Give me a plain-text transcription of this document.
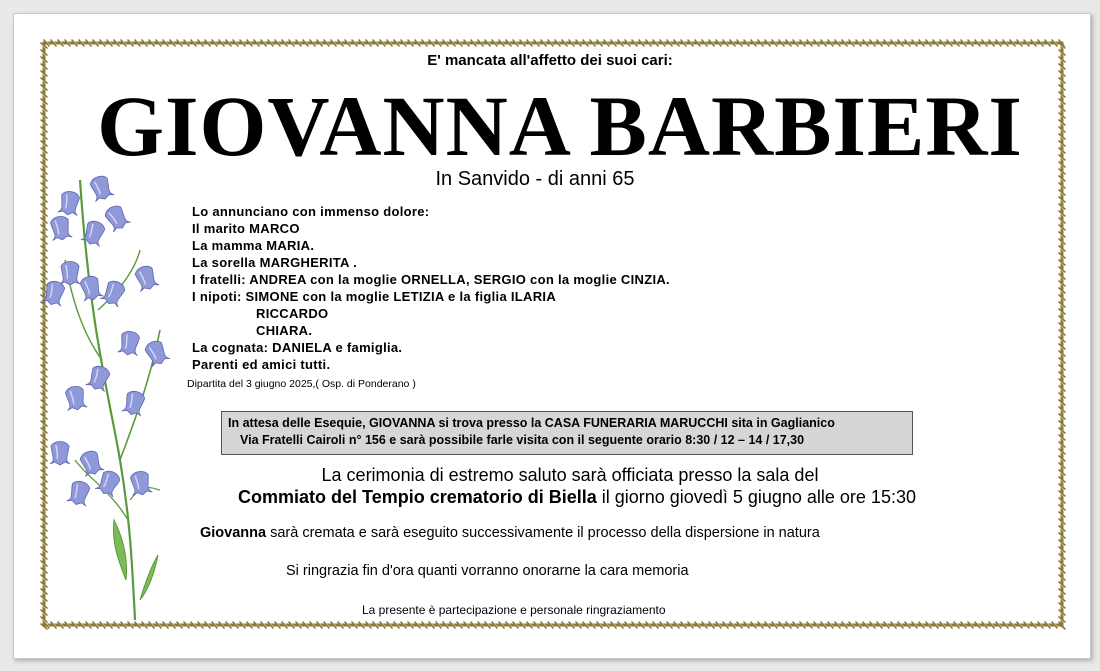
E' mancata all'affetto dei suoi cari:
GIOVANNA BARBIERI
In Sanvido - di anni 65
Lo annunciano con immenso dolore:
Il marito MARCO
La mamma MARIA.
La sorella MARGHERITA .
I fratelli: ANDREA con la moglie ORNELLA, SERGIO con la moglie CINZIA.
I nipoti: SIMONE con la moglie LETIZIA e la figlia ILARIA
RICCARDO
CHIARA.
La cognata: DANIELA e famiglia.
Parenti ed amici tutti.
Dipartita del 3 giugno 2025,( Osp. di Ponderano )
In attesa delle Esequie, GIOVANNA si trova presso la CASA FUNERARIA MARUCCHI sita in Gaglianico
Via Fratelli Cairoli n° 156 e sarà possibile farle visita con il seguente orario 8:30 / 12 – 14 / 17,30
La cerimonia di estremo saluto sarà officiata presso la sala del
Commiato del Tempio crematorio di Biella il giorno giovedì 5 giugno alle ore 15:30
Giovanna sarà cremata e sarà eseguito successivamente il processo della dispersione in natura
Si ringrazia fin d'ora quanti vorranno onorarne la cara memoria
La presente è partecipazione e personale ringraziamento
